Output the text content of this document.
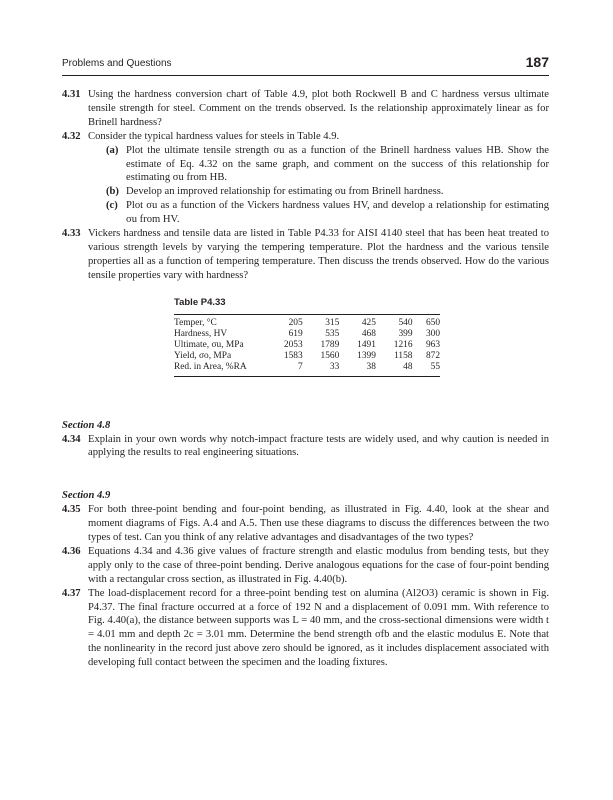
Problems and Questions	187
4.31 Using the hardness conversion chart of Table 4.9, plot both Rockwell B and C hardness versus ultimate tensile strength for steel. Comment on the trends observed. Is the relationship approximately linear as for Brinell hardness?
4.32 Consider the typical hardness values for steels in Table 4.9.
(a) Plot the ultimate tensile strength σu as a function of the Brinell hardness values HB. Show the estimate of Eq. 4.32 on the same graph, and comment on the success of this relationship for estimating σu from HB.
(b) Develop an improved relationship for estimating σu from Brinell hardness.
(c) Plot σu as a function of the Vickers hardness values HV, and develop a relationship for estimating σu from HV.
4.33 Vickers hardness and tensile data are listed in Table P4.33 for AISI 4140 steel that has been heat treated to various strength levels by varying the tempering temperature. Plot the hardness and the various tensile properties all as a function of tempering temperature. Then discuss the trends observed. How do the various tensile properties vary with hardness?
Table P4.33
Temper, °C	205	315	425	540	650
Hardness, HV	619	535	468	399	300
Ultimate, σu, MPa	2053	1789	1491	1216	963
Yield, σo, MPa	1583	1560	1399	1158	872
Red. in Area, %RA	7	33	38	48	55
Section 4.8
4.34 Explain in your own words why notch-impact fracture tests are widely used, and why caution is needed in applying the results to real engineering situations.
Section 4.9
4.35 For both three-point bending and four-point bending, as illustrated in Fig. 4.40, look at the shear and moment diagrams of Figs. A.4 and A.5. Then use these diagrams to discuss the differences between the two types of test. Can you think of any relative advantages and disadvantages of the two types?
4.36 Equations 4.34 and 4.36 give values of fracture strength and elastic modulus from bending tests, but they apply only to the case of three-point bending. Derive analogous equations for the case of four-point bending with a rectangular cross section, as illustrated in Fig. 4.40(b).
4.37 The load-displacement record for a three-point bending test on alumina (Al2O3) ceramic is shown in Fig. P4.37. The final fracture occurred at a force of 192 N and a displacement of 0.091 mm. With reference to Fig. 4.40(a), the distance between supports was L = 40 mm, and the cross-sectional dimensions were width t = 4.01 mm and depth 2c = 3.01 mm. Determine the bend strength σfb and the elastic modulus E. Note that the nonlinearity in the record just above zero should be ignored, as it includes displacement associated with developing full contact between the specimen and the loading fixtures.
